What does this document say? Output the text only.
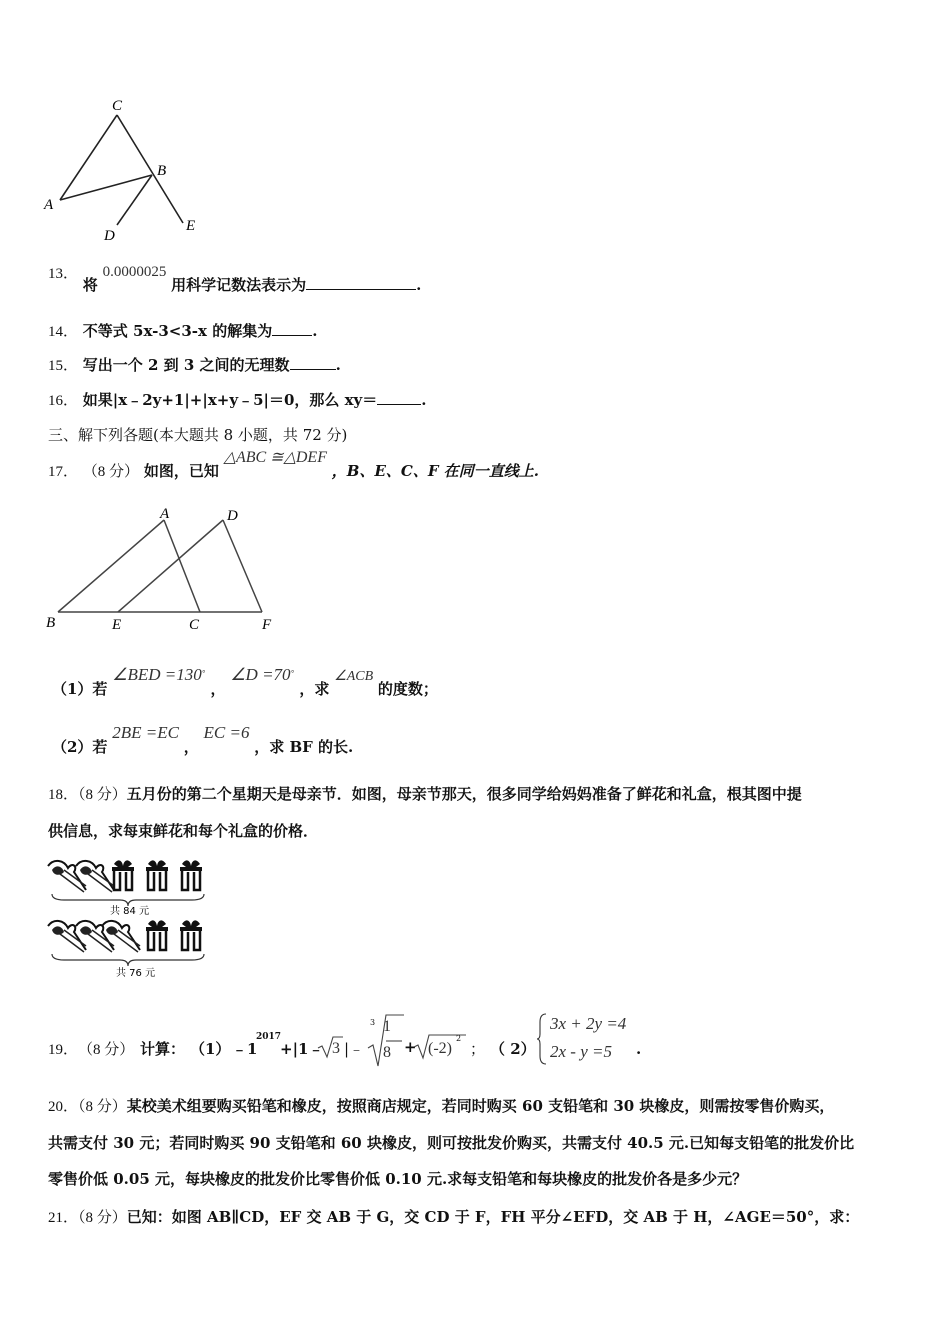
C
B
A
D
E
13． 将 0.0000025 用科学记数法表示为	.
14． 不等式 5x-3<3-x 的解集为	.
15． 写出一个 2 到 3 之间的无理数	.
16． 如果|x﹣2y+1|+|x+y﹣5|＝0，那么 xy＝	.
三、解下列各题(本大题共 8 小题，共 72 分)
17． （8 分） 如图，已知 △ABC ≅△DEF ，B、E、C、F 在同一直线上.
A	D
B	E	C	F
（1）若 ∠BED =130° ， ∠D =70° ，求 ∠ACB 的度数；
（2）若 2BE =EC ， EC =6 ，求 BF 的长.
18．（8 分）五月份的第二个星期天是母亲节．如图，母亲节那天，很多同学给妈妈准备了鲜花和礼盒，根其图中提
供信息，求每束鲜花和每个礼盒的价格．
共 84 元
共 76 元
19． （8 分） 计算： （1） ﹣1
2017
+|1﹣ 3 |﹣
3 1
8 + (-2)
2
； （ 2）
3x + 2y =4
2x - y =5 .
20．（8 分）某校美术组要购买铅笔和橡皮，按照商店规定，若同时购买 60 支铅笔和 30 块橡皮，则需按零售价购买，
共需支付 30 元；若同时购买 90 支铅笔和 60 块橡皮，则可按批发价购买，共需支付 40.5 元.已知每支铅笔的批发价比
零售价低 0.05 元，每块橡皮的批发价比零售价低 0.10 元.求每支铅笔和每块橡皮的批发价各是多少元？
21．（8 分）已知：如图 AB∥CD，EF 交 AB 于 G，交 CD 于 F，FH 平分∠EFD，交 AB 于 H，∠AGE＝50°，求：
